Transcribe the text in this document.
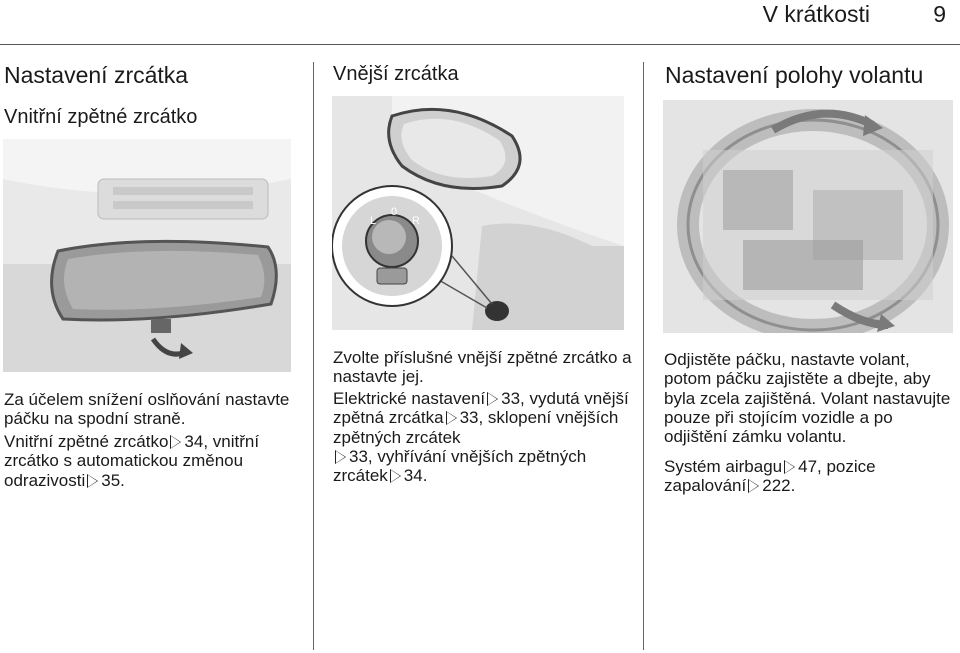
V krátkosti	9
Nastavení zrcátka
Vnitřní zpětné zrcátko

Za účelem snížení oslňování nastavte páčku na spodní straně.

Vnitřní zpětné zrcátko 34, vnitřní zrcátko s automatickou změnou odrazivosti 35.

Vnější zrcátka
L
0
R

Zvolte příslušné vnější zpětné zrcátko a nastavte jej.

Elektrické nastavení 33, vydutá vnější zpětná zrcátka 33, sklopení vnějších zpětných zrcátek
33, vyhřívání vnějších zpětných zrcátek 34.

Nastavení polohy volantu

Odjistěte páčku, nastavte volant, potom páčku zajistěte a dbejte, aby byla zcela zajištěná. Volant nastavujte pouze při stojícím vozidle a po odjištění zámku volantu.

Systém airbagu 47, pozice zapalování 222.
